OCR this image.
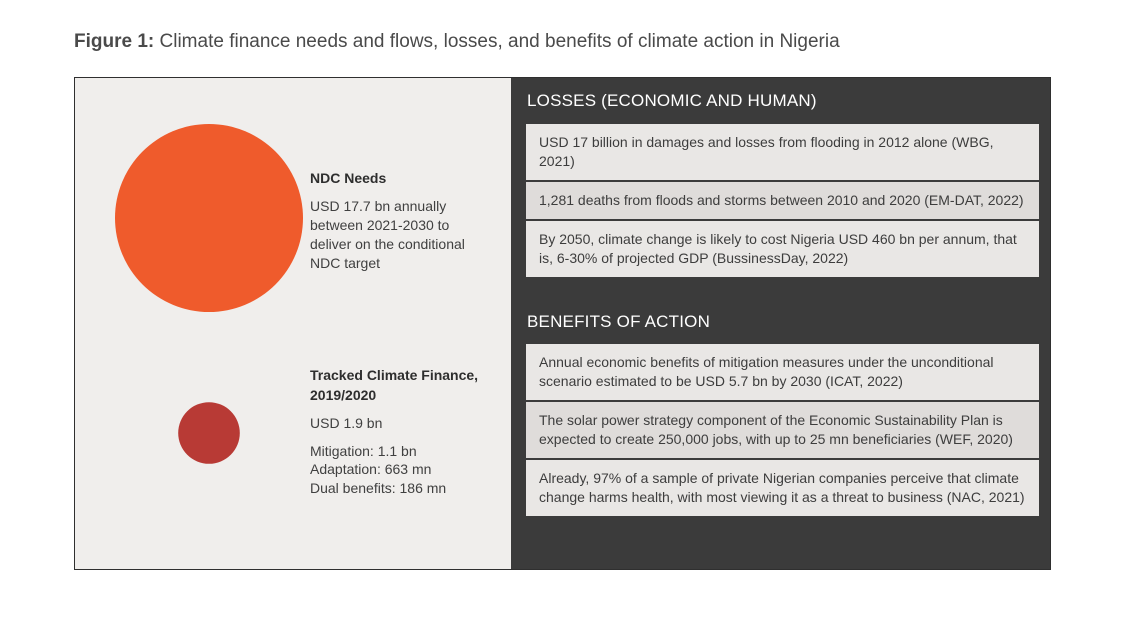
Figure 1: Climate finance needs and flows, losses, and benefits of climate action in Nigeria
NDC Needs

USD 17.7 bn annually between 2021-2030 to deliver on the conditional NDC target

Tracked Climate Finance, 2019/2020
USD 1.9 bn
Mitigation: 1.1 bn
Adaptation: 663 mn
Dual benefits: 186 mn
LOSSES (ECONOMIC AND HUMAN)
USD 17 billion in damages and losses from flooding in 2012 alone (WBG, 2021)
1,281 deaths from floods and storms between 2010 and 2020 (EM-DAT, 2022)
By 2050, climate change is likely to cost Nigeria USD 460 bn per annum, that is, 6-30% of projected GDP (BussinessDay, 2022)
BENEFITS OF ACTION
Annual economic benefits of mitigation measures under the unconditional scenario estimated to be USD 5.7 bn by 2030 (ICAT, 2022)
The solar power strategy component of the Economic Sustainability Plan is expected to create 250,000 jobs, with up to 25 mn beneficiaries (WEF, 2020)
Already, 97% of a sample of private Nigerian companies perceive that climate change harms health, with most viewing it as a threat to business (NAC, 2021)
